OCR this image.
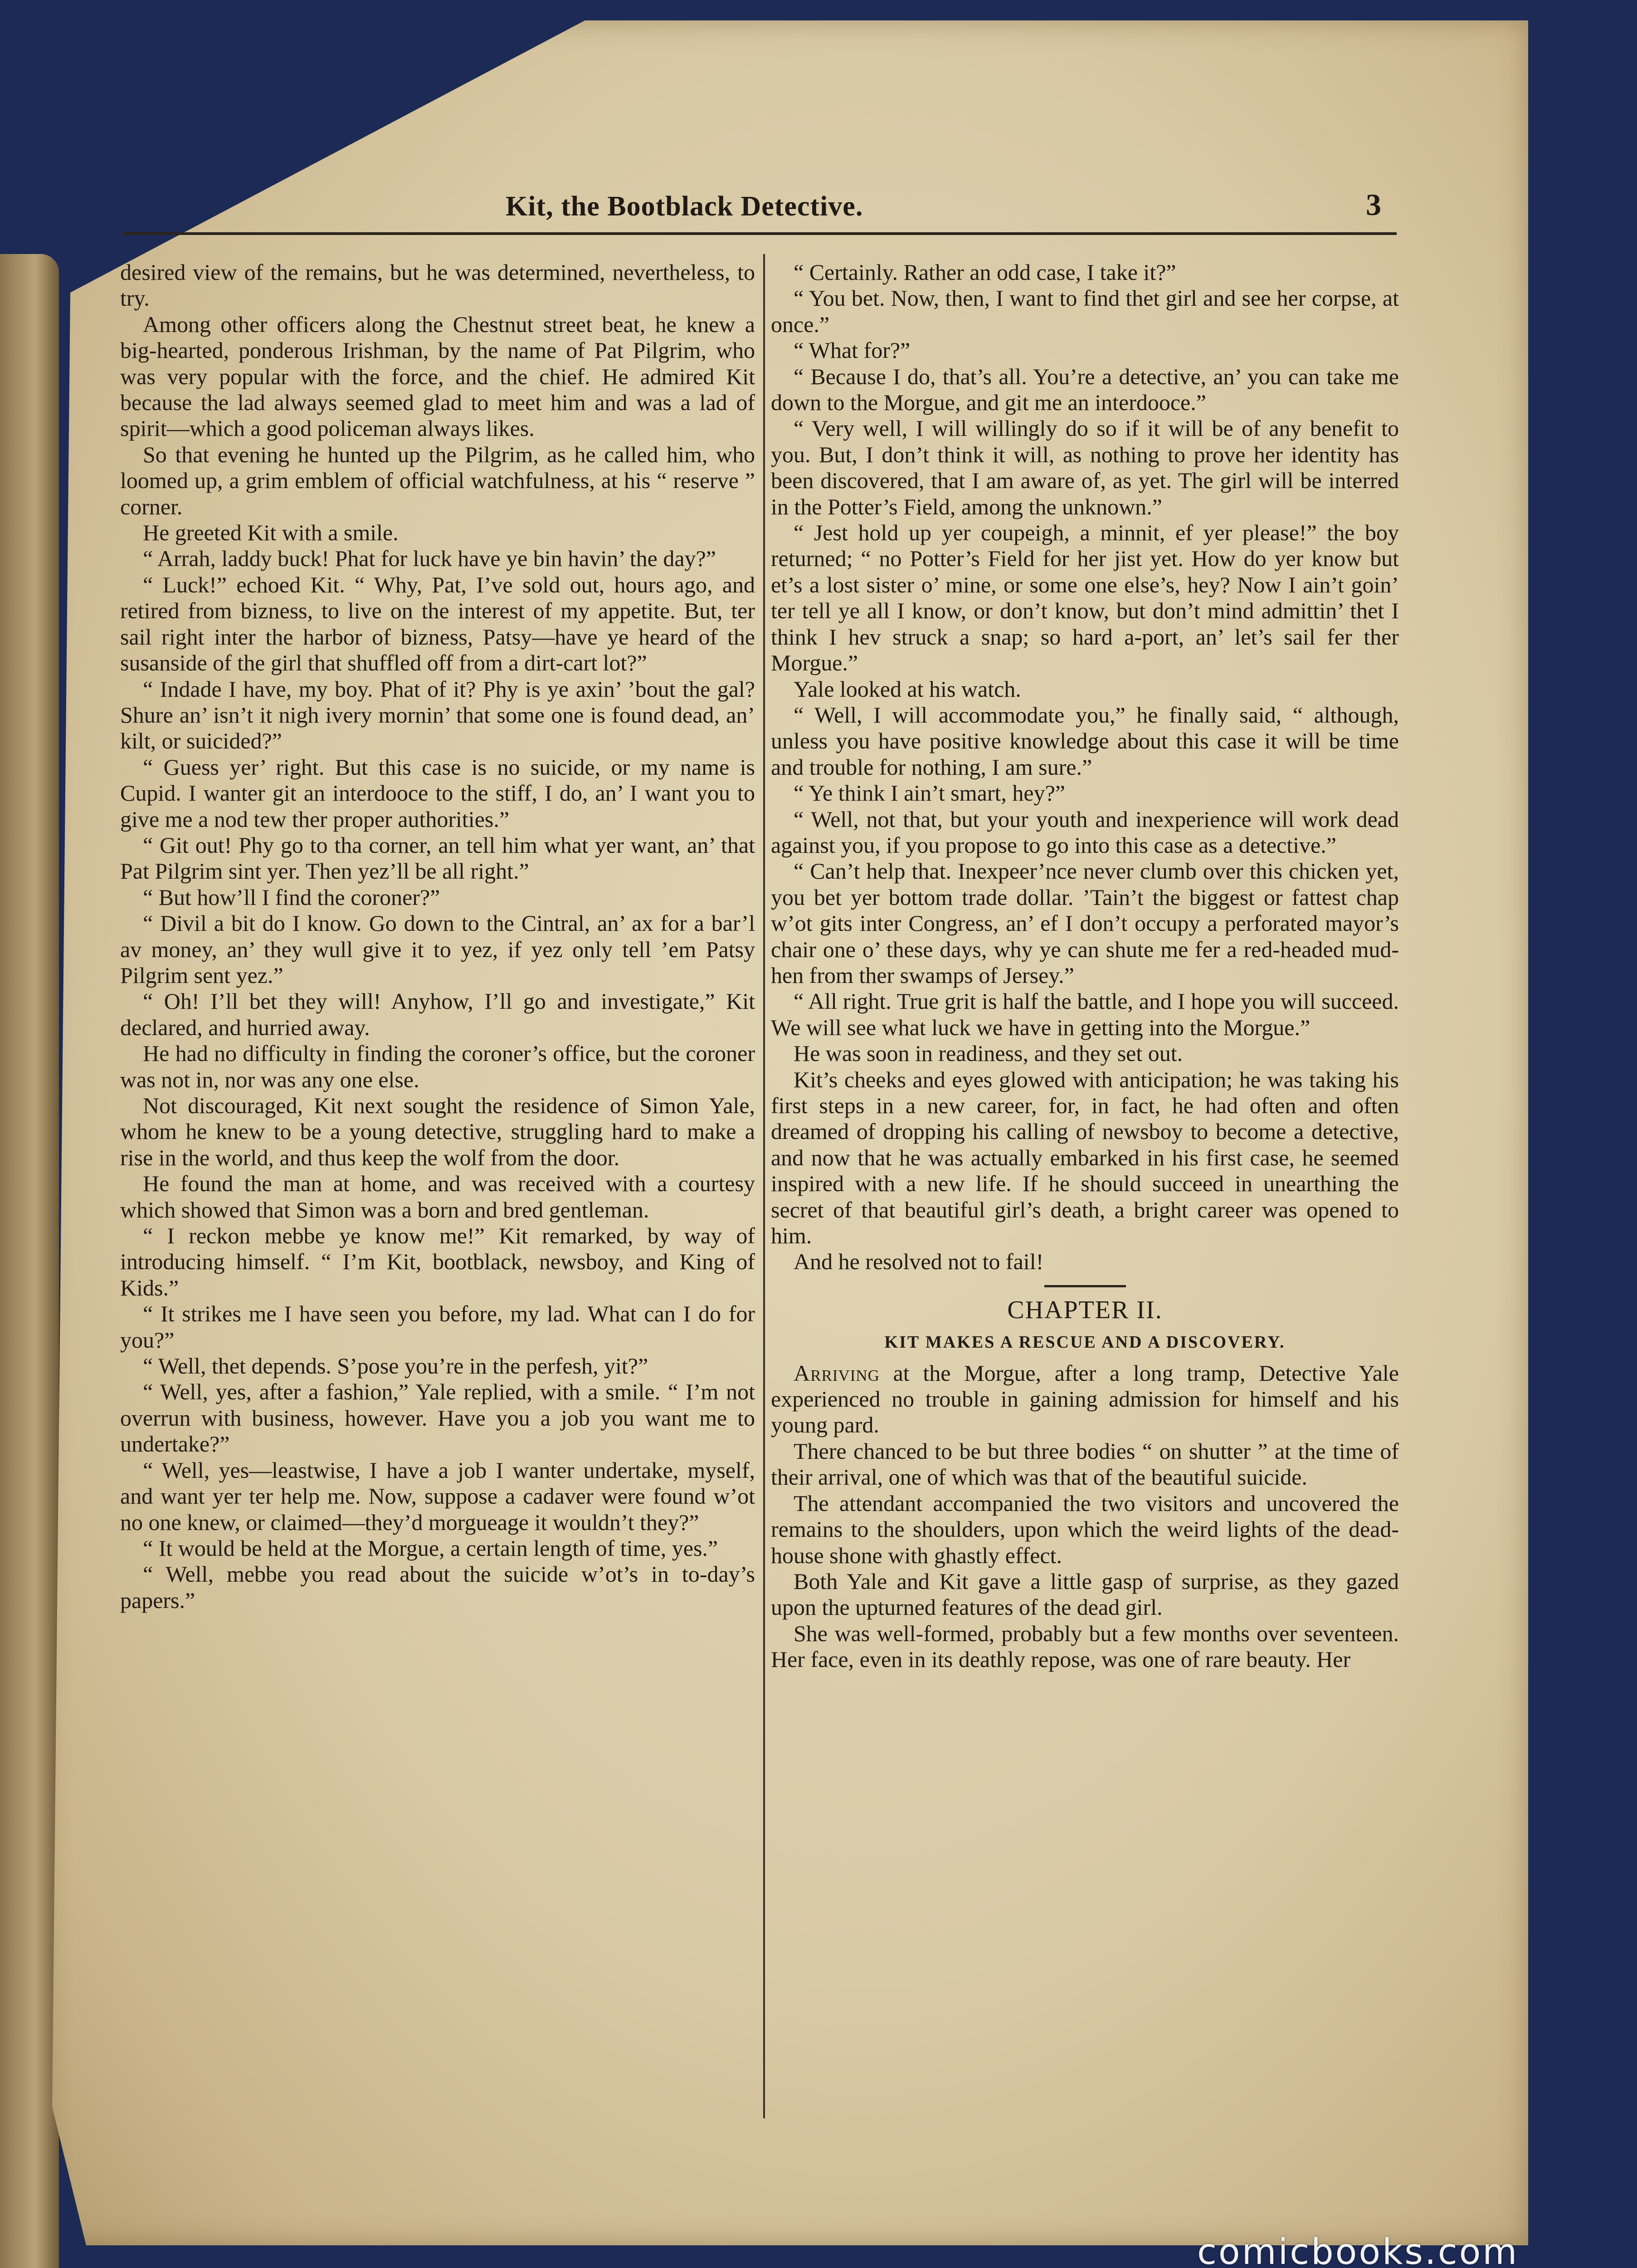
Kit, the Bootblack Detective.	3

desired view of the remains, but he was determined, nevertheless, to try.

Among other officers along the Chestnut street beat, he knew a big-hearted, ponderous Irishman, by the name of Pat Pilgrim, who was very popular with the force, and the chief. He admired Kit because the lad always seemed glad to meet him and was a lad of spirit—which a good policeman always likes.

So that evening he hunted up the Pilgrim, as he called him, who loomed up, a grim emblem of official watchfulness, at his “ reserve ” corner.

He greeted Kit with a smile.

“ Arrah, laddy buck! Phat for luck have ye bin havin’ the day?”

“ Luck!” echoed Kit. “ Why, Pat, I’ve sold out, hours ago, and retired from bizness, to live on the interest of my appetite. But, ter sail right inter the harbor of bizness, Patsy—have ye heard of the susanside of the girl that shuffled off from a dirt-cart lot?”

“ Indade I have, my boy. Phat of it? Phy is ye axin’ ’bout the gal? Shure an’ isn’t it nigh ivery mornin’ that some one is found dead, an’ kilt, or suicided?”

“ Guess yer’ right. But this case is no suicide, or my name is Cupid. I wanter git an interdooce to the stiff, I do, an’ I want you to give me a nod tew ther proper authorities.”

“ Git out! Phy go to tha corner, an tell him what yer want, an’ that Pat Pilgrim sint yer. Then yez’ll be all right.”

“ But how’ll I find the coroner?”

“ Divil a bit do I know. Go down to the Cintral, an’ ax for a bar’l av money, an’ they wull give it to yez, if yez only tell ’em Patsy Pilgrim sent yez.”

“ Oh! I’ll bet they will! Anyhow, I’ll go and investigate,” Kit declared, and hurried away.

He had no difficulty in finding the coroner’s office, but the coroner was not in, nor was any one else.

Not discouraged, Kit next sought the residence of Simon Yale, whom he knew to be a young detective, struggling hard to make a rise in the world, and thus keep the wolf from the door.

He found the man at home, and was received with a courtesy which showed that Simon was a born and bred gentleman.

“ I reckon mebbe ye know me!” Kit remarked, by way of introducing himself. “ I’m Kit, bootblack, newsboy, and King of Kids.”

“ It strikes me I have seen you before, my lad. What can I do for you?”

“ Well, thet depends. S’pose you’re in the perfesh, yit?”

“ Well, yes, after a fashion,” Yale replied, with a smile. “ I’m not overrun with business, however. Have you a job you want me to undertake?”

“ Well, yes—leastwise, I have a job I wanter undertake, myself, and want yer ter help me. Now, suppose a cadaver were found w’ot no one knew, or claimed—they’d morgueage it wouldn’t they?”

“ It would be held at the Morgue, a certain length of time, yes.”

“ Well, mebbe you read about the suicide w’ot’s in to-day’s papers.”

“ Certainly. Rather an odd case, I take it?”

“ You bet. Now, then, I want to find thet girl and see her corpse, at once.”

“ What for?”

“ Because I do, that’s all. You’re a detective, an’ you can take me down to the Morgue, and git me an interdooce.”

“ Very well, I will willingly do so if it will be of any benefit to you. But, I don’t think it will, as nothing to prove her identity has been discovered, that I am aware of, as yet. The girl will be interred in the Potter’s Field, among the unknown.”

“ Jest hold up yer coupeigh, a minnit, ef yer please!” the boy returned; “ no Potter’s Field for her jist yet. How do yer know but et’s a lost sister o’ mine, or some one else’s, hey? Now I ain’t goin’ ter tell ye all I know, or don’t know, but don’t mind admittin’ thet I think I hev struck a snap; so hard a-port, an’ let’s sail fer ther Morgue.”

Yale looked at his watch.

“ Well, I will accommodate you,” he finally said, “ although, unless you have positive knowledge about this case it will be time and trouble for nothing, I am sure.”

“ Ye think I ain’t smart, hey?”

“ Well, not that, but your youth and inexperience will work dead against you, if you propose to go into this case as a detective.”

“ Can’t help that. Inexpeer’nce never clumb over this chicken yet, you bet yer bottom trade dollar. ’Tain’t the biggest or fattest chap w’ot gits inter Congress, an’ ef I don’t occupy a perforated mayor’s chair one o’ these days, why ye can shute me fer a red-headed mud-hen from ther swamps of Jersey.”

“ All right. True grit is half the battle, and I hope you will succeed. We will see what luck we have in getting into the Morgue.”

He was soon in readiness, and they set out.

Kit’s cheeks and eyes glowed with anticipation; he was taking his first steps in a new career, for, in fact, he had often and often dreamed of dropping his calling of newsboy to become a detective, and now that he was actually embarked in his first case, he seemed inspired with a new life. If he should succeed in unearthing the secret of that beautiful girl’s death, a bright career was opened to him.

And he resolved not to fail!

CHAPTER II.
KIT MAKES A RESCUE AND A DISCOVERY.

Arriving at the Morgue, after a long tramp, Detective Yale experienced no trouble in gaining admission for himself and his young pard.

There chanced to be but three bodies “ on shutter ” at the time of their arrival, one of which was that of the beautiful suicide.

The attendant accompanied the two visitors and uncovered the remains to the shoulders, upon which the weird lights of the dead-house shone with ghastly effect.

Both Yale and Kit gave a little gasp of surprise, as they gazed upon the upturned features of the dead girl.

She was well-formed, probably but a few months over seventeen. Her face, even in its deathly repose, was one of rare beauty. Her

comicbooks.com
